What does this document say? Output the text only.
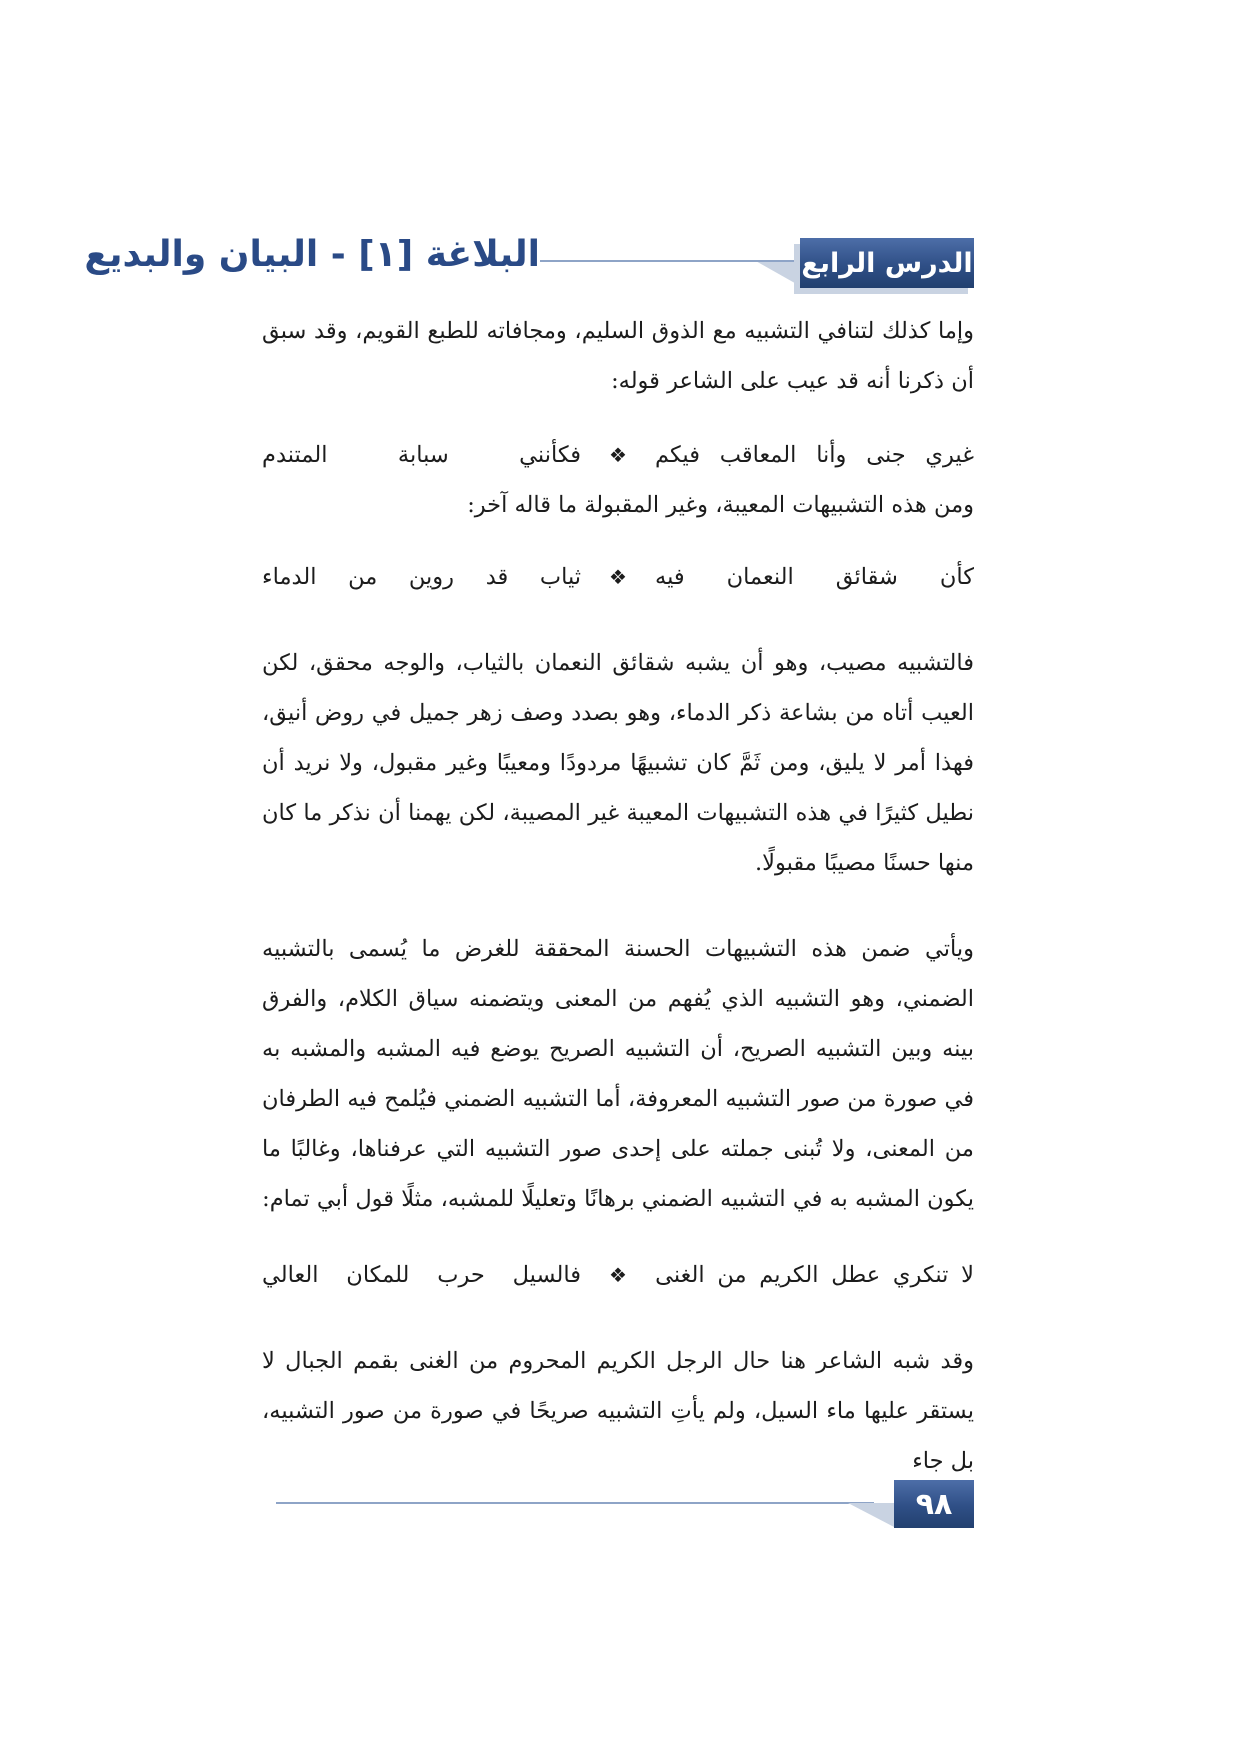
الدرس الرابع
البلاغة [١] - البيان والبديع

وإما كذلك لتنافي التشبيه مع الذوق السليم، ومجافاته للطبع القويم، وقد سبق أن ذكرنا أنه قد عيب على الشاعر قوله:

غيري
جنى
وأنا
المعاقب
فيكم
❖
فكأنني
سبابة
المتندم

ومن هذه التشبيهات المعيبة، وغير المقبولة ما قاله آخر:

كأن
شقائق
النعمان
فيه
❖
ثياب
قد
روين
من
الدماء

فالتشبيه مصيب، وهو أن يشبه شقائق النعمان بالثياب، والوجه محقق، لكن العيب أتاه من بشاعة ذكر الدماء، وهو بصدد وصف زهر جميل في روض أنيق، فهذا أمر لا يليق، ومن ثَمَّ كان تشبيهًا مردودًا ومعيبًا وغير مقبول، ولا نريد أن نطيل كثيرًا في هذه التشبيهات المعيبة غير المصيبة، لكن يهمنا أن نذكر ما كان منها حسنًا مصيبًا مقبولًا.

ويأتي ضمن هذه التشبيهات الحسنة المحققة للغرض ما يُسمى بالتشبيه الضمني، وهو التشبيه الذي يُفهم من المعنى ويتضمنه سياق الكلام، والفرق بينه وبين التشبيه الصريح، أن التشبيه الصريح يوضع فيه المشبه والمشبه به في صورة من صور التشبيه المعروفة، أما التشبيه الضمني فيُلمح فيه الطرفان من المعنى، ولا تُبنى جملته على إحدى صور التشبيه التي عرفناها، وغالبًا ما يكون المشبه به في التشبيه الضمني برهانًا وتعليلًا للمشبه، مثلًا قول أبي تمام:

لا
تنكري
عطل
الكريم
من
الغنى
❖
فالسيل
حرب
للمكان
العالي

وقد شبه الشاعر هنا حال الرجل الكريم المحروم من الغنى بقمم الجبال لا يستقر عليها ماء السيل، ولم يأتِ التشبيه صريحًا في صورة من صور التشبيه، بل جاء

٩٨
